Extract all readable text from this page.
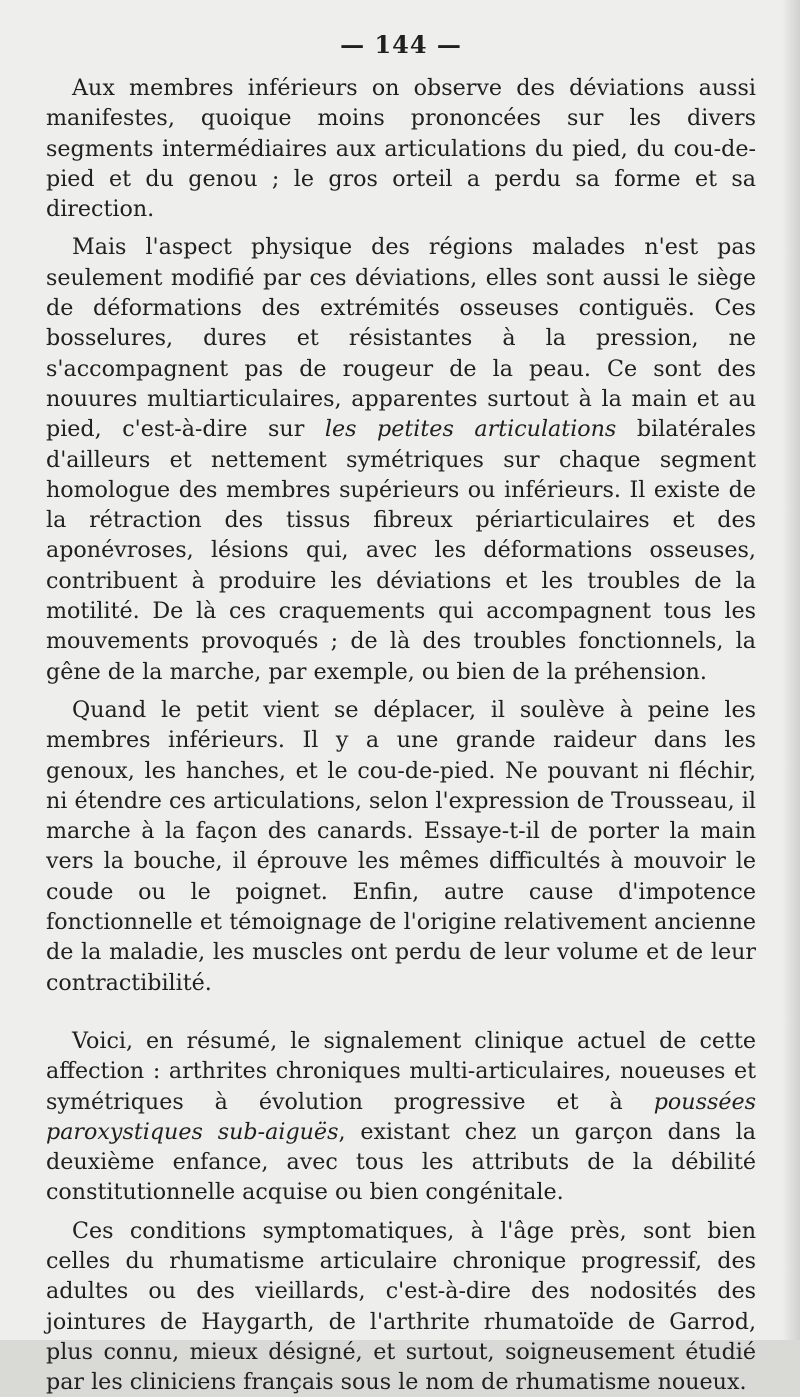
— 144 —

Aux membres inférieurs on observe des déviations aussi manifestes, quoique moins prononcées sur les divers segments intermédiaires aux articulations du pied, du cou-de-pied et du genou ; le gros orteil a perdu sa forme et sa direction.

Mais l'aspect physique des régions malades n'est pas seulement modifié par ces déviations, elles sont aussi le siège de déformations des extrémités osseuses contiguës. Ces bosselures, dures et résistantes à la pression, ne s'accompagnent pas de rougeur de la peau. Ce sont des nouures multiarticulaires, apparentes surtout à la main et au pied, c'est-à-dire sur les petites articulations bilatérales d'ailleurs et nettement symétriques sur chaque segment homologue des membres supérieurs ou inférieurs. Il existe de la rétraction des tissus fibreux périarticulaires et des aponévroses, lésions qui, avec les déformations osseuses, contribuent à produire les déviations et les troubles de la motilité. De là ces craquements qui accompagnent tous les mouvements provoqués ; de là des troubles fonctionnels, la gêne de la marche, par exemple, ou bien de la préhension.

Quand le petit vient se déplacer, il soulève à peine les membres inférieurs. Il y a une grande raideur dans les genoux, les hanches, et le cou-de-pied. Ne pouvant ni fléchir, ni étendre ces articulations, selon l'expression de Trousseau, il marche à la façon des canards. Essaye-t-il de porter la main vers la bouche, il éprouve les mêmes difficultés à mouvoir le coude ou le poignet. Enfin, autre cause d'impotence fonctionnelle et témoignage de l'origine relativement ancienne de la maladie, les muscles ont perdu de leur volume et de leur contractibilité.

Voici, en résumé, le signalement clinique actuel de cette affection : arthrites chroniques multi-articulaires, noueuses et symétriques à évolution progressive et à poussées paroxystiques sub-aiguës, existant chez un garçon dans la deuxième enfance, avec tous les attributs de la débilité constitutionnelle acquise ou bien congénitale.

Ces conditions symptomatiques, à l'âge près, sont bien celles du rhumatisme articulaire chronique progressif, des adultes ou des vieillards, c'est-à-dire des nodosités des jointures de Haygarth, de l'arthrite rhumatoïde de Garrod, plus connu, mieux désigné, et surtout, soigneusement étudié par les cliniciens français sous le nom de rhumatisme noueux.
